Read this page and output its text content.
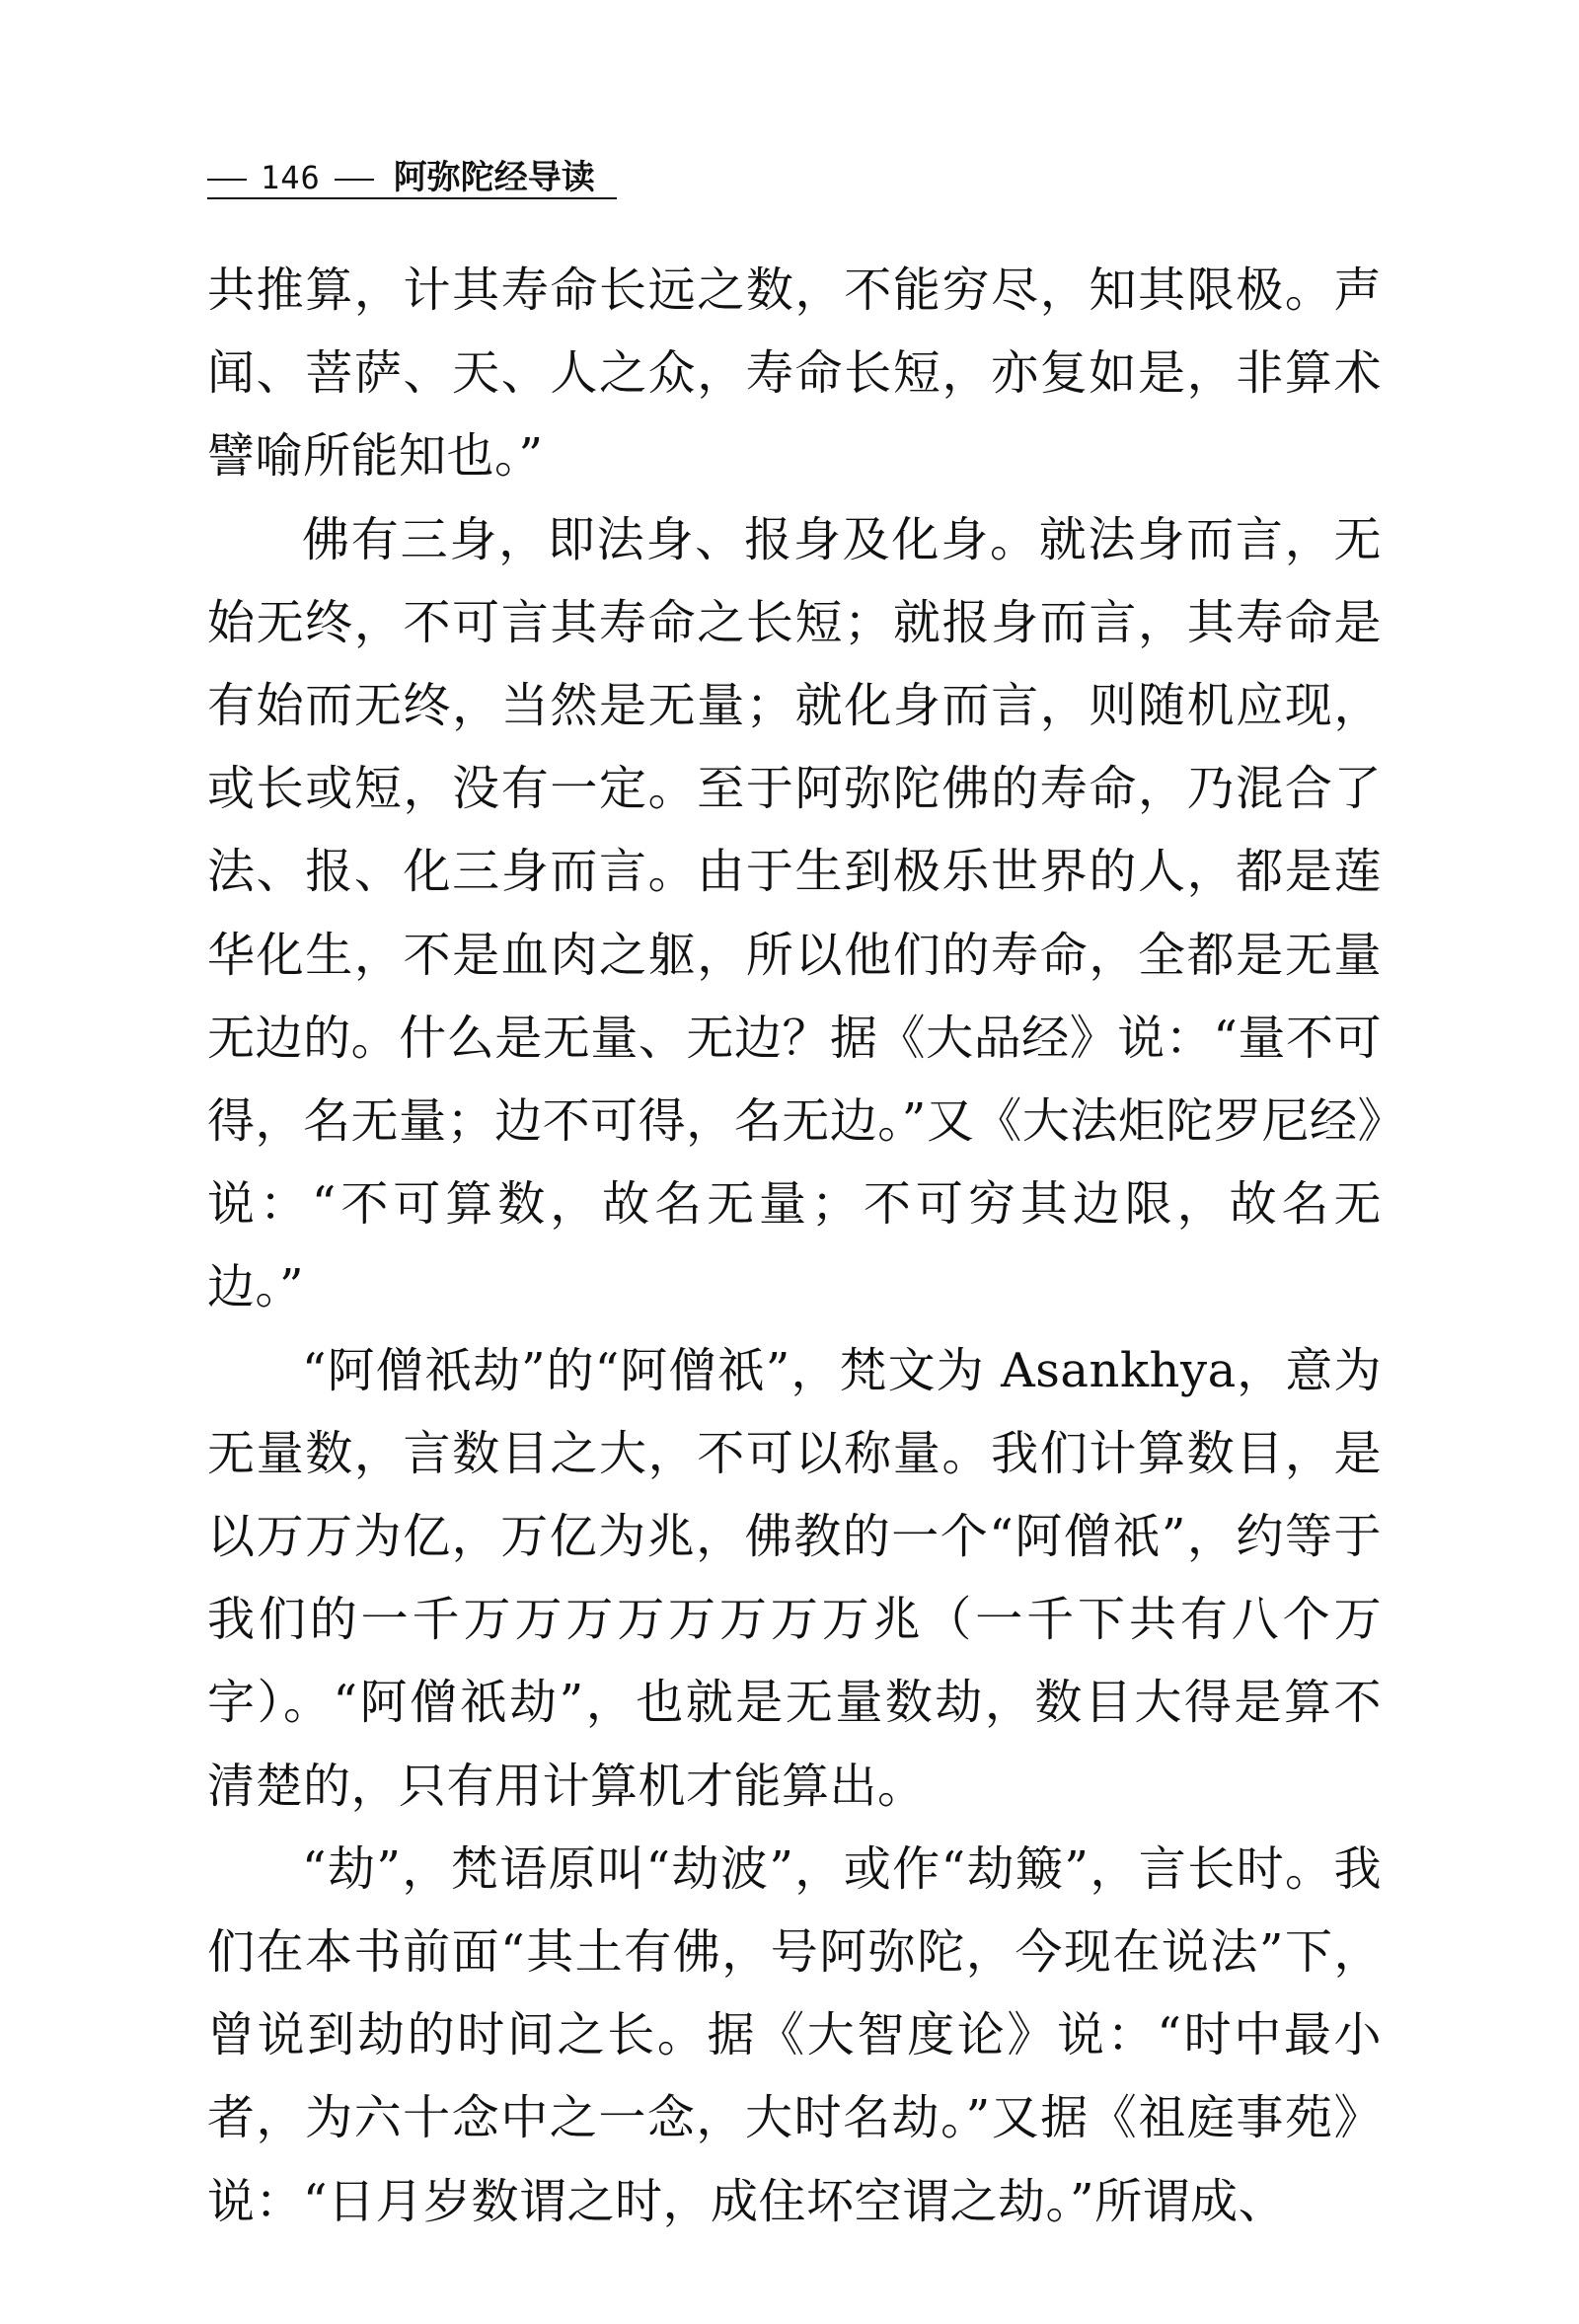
146 阿弥陀经导读

共推算，计其寿命长远之数，不能穷尽，知其限极。声闻、菩萨、天、人之众，寿命长短，亦复如是，非算术譬喻所能知也。”

佛有三身，即法身、报身及化身。就法身而言，无始无终，不可言其寿命之长短；就报身而言，其寿命是有始而无终，当然是无量；就化身而言，则随机应现，或长或短，没有一定。至于阿弥陀佛的寿命，乃混合了法、报、化三身而言。由于生到极乐世界的人，都是莲华化生，不是血肉之躯，所以他们的寿命，全都是无量无边的。什么是无量、无边？据《大品经》说：“量不可得，名无量；边不可得，名无边。”又《大法炬陀罗尼经》说：“不可算数，故名无量；不可穷其边限，故名无边。”

“阿僧祇劫”的“阿僧祇”，梵文为 Asankhya，意为无量数，言数目之大，不可以称量。我们计算数目，是以万万为亿，万亿为兆，佛教的一个“阿僧祇”，约等于我们的一千万万万万万万万万兆（一千下共有八个万字）。“阿僧祇劫”，也就是无量数劫，数目大得是算不清楚的，只有用计算机才能算出。

“劫”，梵语原叫“劫波”，或作“劫簸”，言长时。我们在本书前面“其土有佛，号阿弥陀，今现在说法”下，曾说到劫的时间之长。据《大智度论》说：“时中最小者，为六十念中之一念，大时名劫。”又据《祖庭事苑》说：“日月岁数谓之时，成住坏空谓之劫。”所谓成、
